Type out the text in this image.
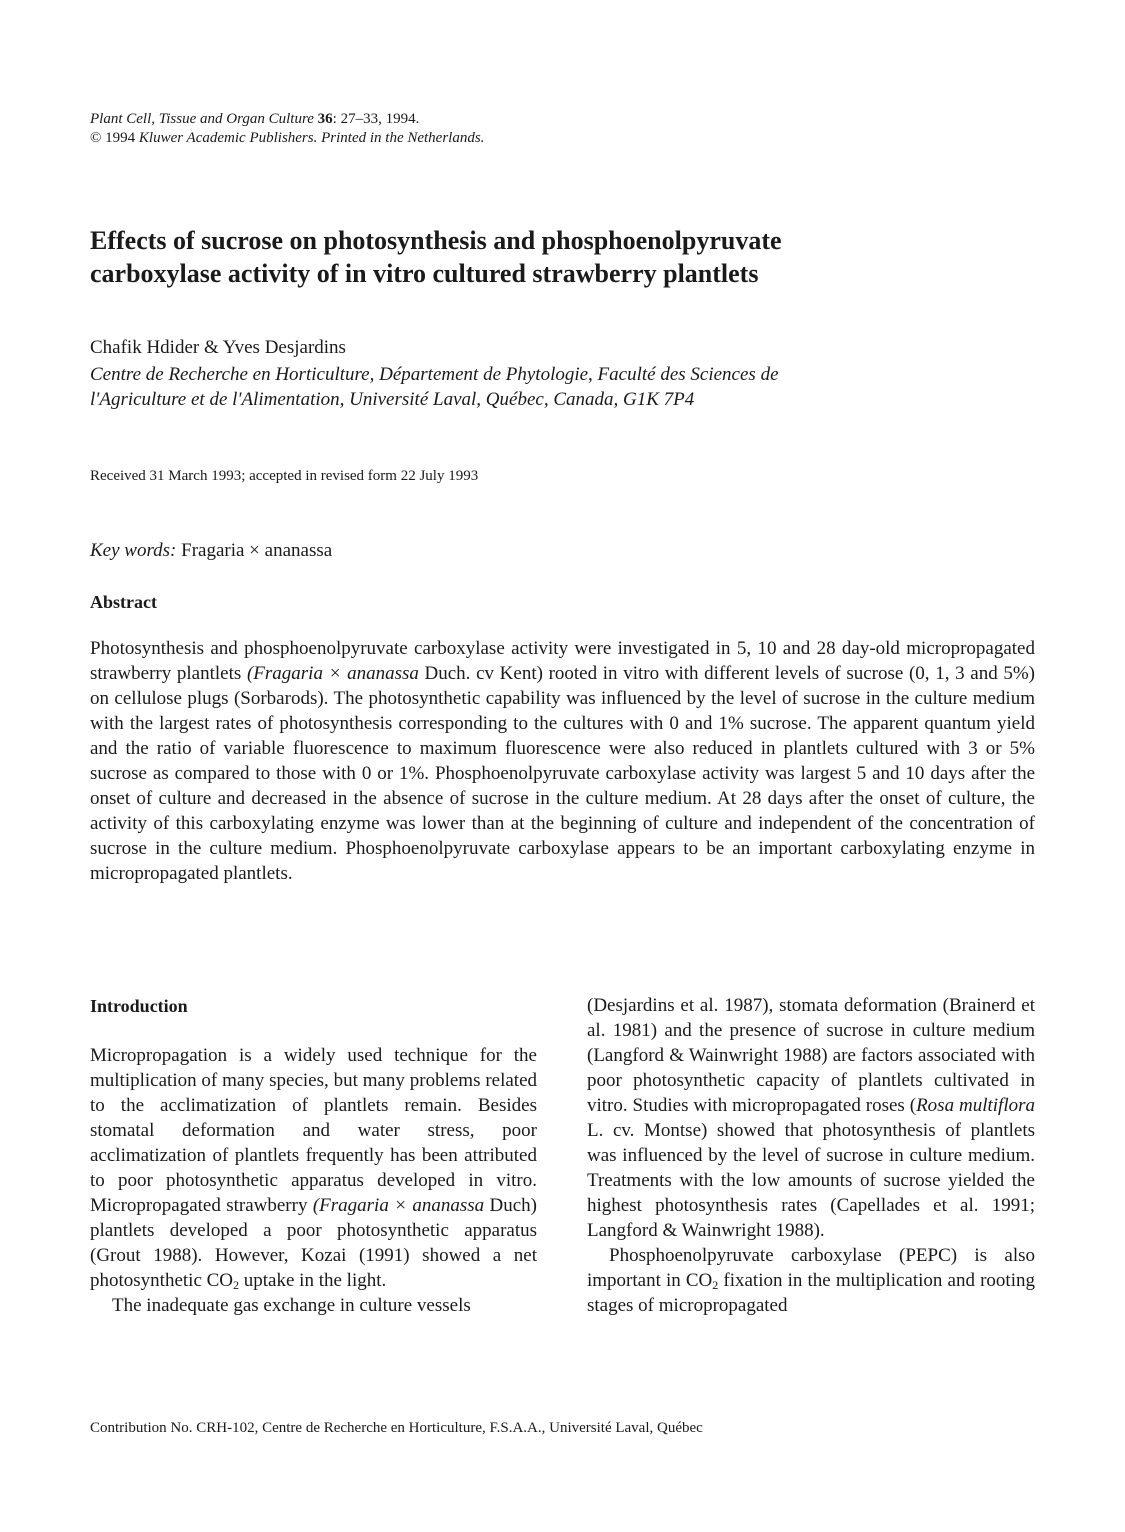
Plant Cell, Tissue and Organ Culture 36: 27–33, 1994.
© 1994 Kluwer Academic Publishers. Printed in the Netherlands.
Effects of sucrose on photosynthesis and phosphoenolpyruvate
carboxylase activity of in vitro cultured strawberry plantlets
Chafik Hdider & Yves Desjardins
Centre de Recherche en Horticulture, Département de Phytologie, Faculté des Sciences de
l'Agriculture et de l'Alimentation, Université Laval, Québec, Canada, G1K 7P4
Received 31 March 1993; accepted in revised form 22 July 1993
Key words: Fragaria × ananassa
Abstract

Photosynthesis and phosphoenolpyruvate carboxylase activity were investigated in 5, 10 and 28 day-old micropropagated strawberry plantlets (Fragaria × ananassa Duch. cv Kent) rooted in vitro with different levels of sucrose (0, 1, 3 and 5%) on cellulose plugs (Sorbarods). The photosynthetic capability was influenced by the level of sucrose in the culture medium with the largest rates of photosynthesis corresponding to the cultures with 0 and 1% sucrose. The apparent quantum yield and the ratio of variable fluorescence to maximum fluorescence were also reduced in plantlets cultured with 3 or 5% sucrose as compared to those with 0 or 1%. Phosphoenolpyruvate carboxylase activity was largest 5 and 10 days after the onset of culture and decreased in the absence of sucrose in the culture medium. At 28 days after the onset of culture, the activity of this carboxylating enzyme was lower than at the beginning of culture and independent of the concentration of sucrose in the culture medium. Phosphoenolpyruvate carboxylase appears to be an important carboxylating enzyme in micropropagated plantlets.

Introduction

Micropropagation is a widely used technique for the multiplication of many species, but many problems related to the acclimatization of plantlets remain. Besides stomatal deformation and water stress, poor acclimatization of plantlets frequently has been attributed to poor photosynthetic apparatus developed in vitro. Micropropagated strawberry (Fragaria × ananassa Duch) plantlets developed a poor photosynthetic apparatus (Grout 1988). However, Kozai (1991) showed a net photosynthetic $CO_2$ uptake in the light.

The inadequate gas exchange in culture vessels

(Desjardins et al. 1987), stomata deformation (Brainerd et al. 1981) and the presence of sucrose in culture medium (Langford & Wainwright 1988) are factors associated with poor photosynthetic capacity of plantlets cultivated in vitro. Studies with micropropagated roses (Rosa multiflora L. cv. Montse) showed that photosynthesis of plantlets was influenced by the level of sucrose in culture medium. Treatments with the low amounts of sucrose yielded the highest photosynthesis rates (Capellades et al. 1991; Langford & Wainwright 1988).

Phosphoenolpyruvate carboxylase (PEPC) is also important in $CO_2$ fixation in the multiplication and rooting stages of micropropagated

Contribution No. CRH-102, Centre de Recherche en Horticulture, F.S.A.A., Université Laval, Québec
